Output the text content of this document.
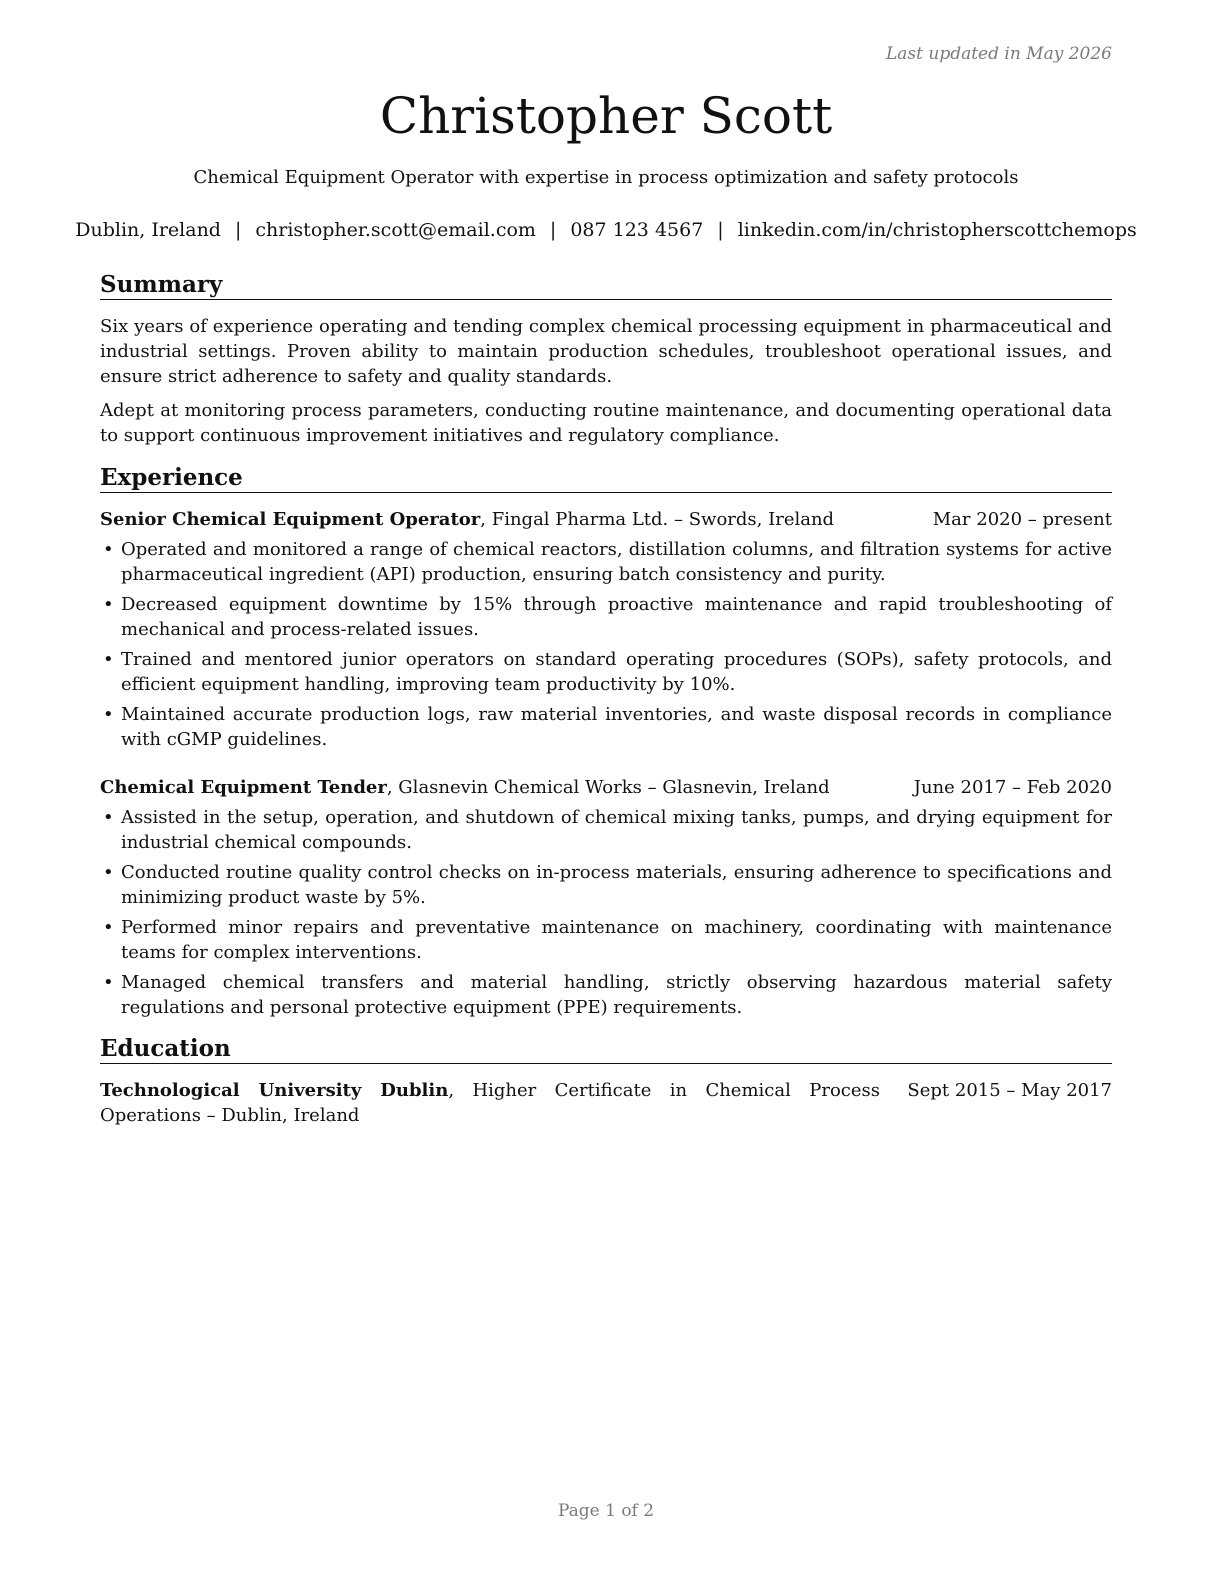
Last updated in May 2026
Christopher Scott
Chemical Equipment Operator with expertise in process optimization and safety protocols
Dublin, Ireland | christopher.scott@email.com | 087 123 4567 | linkedin.com/in/christopherscottchemops
Summary

Six years of experience operating and tending complex chemical processing equipment in pharmaceutical and industrial settings. Proven ability to maintain production schedules, troubleshoot operational issues, and ensure strict adherence to safety and quality standards.

Adept at monitoring process parameters, conducting routine maintenance, and documenting operational data to support continuous improvement initiatives and regulatory compliance.

Experience
Senior Chemical Equipment Operator, Fingal Pharma Ltd. – Swords, Ireland	Mar 2020 – present
• Operated and monitored a range of chemical reactors, distillation columns, and filtration systems for active pharmaceutical ingredient (API) production, ensuring batch consistency and purity.
• Decreased equipment downtime by 15% through proactive maintenance and rapid troubleshooting of mechanical and process-related issues.
• Trained and mentored junior operators on standard operating procedures (SOPs), safety protocols, and efficient equipment handling, improving team productivity by 10%.
• Maintained accurate production logs, raw material inventories, and waste disposal records in compliance with cGMP guidelines.
Chemical Equipment Tender, Glasnevin Chemical Works – Glasnevin, Ireland	June 2017 – Feb 2020
• Assisted in the setup, operation, and shutdown of chemical mixing tanks, pumps, and drying equipment for industrial chemical compounds.
• Conducted routine quality control checks on in-process materials, ensuring adherence to specifications and minimizing product waste by 5%.
• Performed minor repairs and preventative maintenance on machinery, coordinating with maintenance teams for complex interventions.
• Managed chemical transfers and material handling, strictly observing hazardous material safety regulations and personal protective equipment (PPE) requirements.
Education
Technological University Dublin, Higher Certificate in Chemical Process Operations – Dublin, Ireland
Sept 2015 – May 2017
Page 1 of 2
